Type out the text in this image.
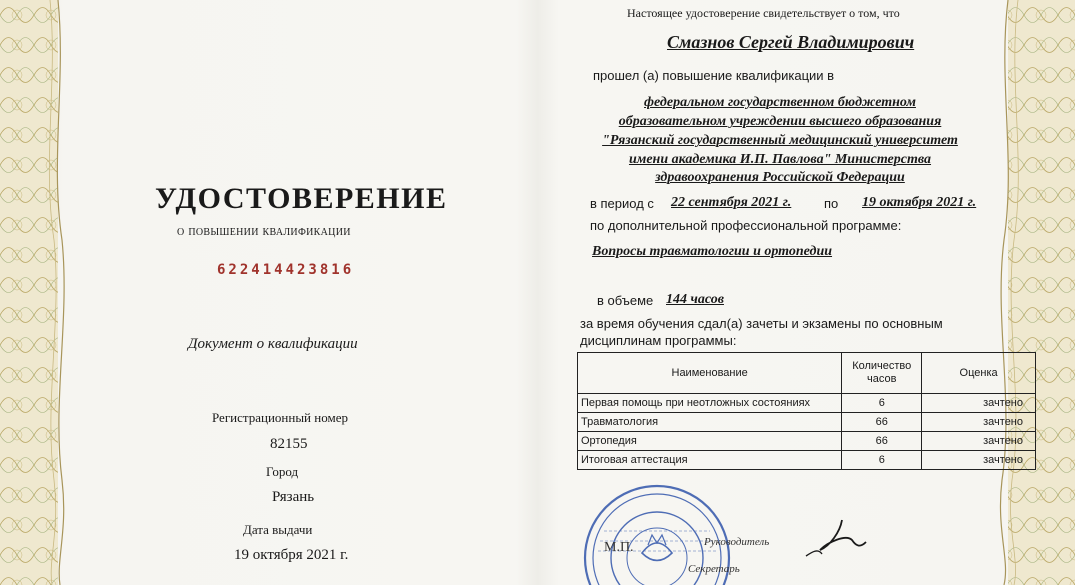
УДОСТОВЕРЕНИЕ
о повышении квалификации
622414423816
Документ о квалификации
Регистрационный номер
82155
Город
Рязань
Дата выдачи
19 октября 2021 г.
Настоящее удостоверение свидетельствует о том, что
Смазнов Сергей Владимирович
прошел (а) повышение квалификации в
федеральном государственном бюджетном
образовательном учреждении высшего образования
"Рязанский государственный медицинский университет
имени академика И.П. Павлова" Министерства
здравоохранения Российской Федерации
в период с 22 сентября 2021 г.	по 19 октября 2021 г.
по дополнительной профессиональной программе:
Вопросы травматологии и ортопедии
в объеме 144 часов
за время обучения сдал(а) зачеты и экзамены по основным
дисциплинам программы:
Наименование	Количество часов	Оценка
Первая помощь при неотложных состояниях	6	зачтено
Травматология	66	зачтено
Ортопедия	66	зачтено
Итоговая аттестация	6	зачтено
М.П.	Руководитель
Секретарь
